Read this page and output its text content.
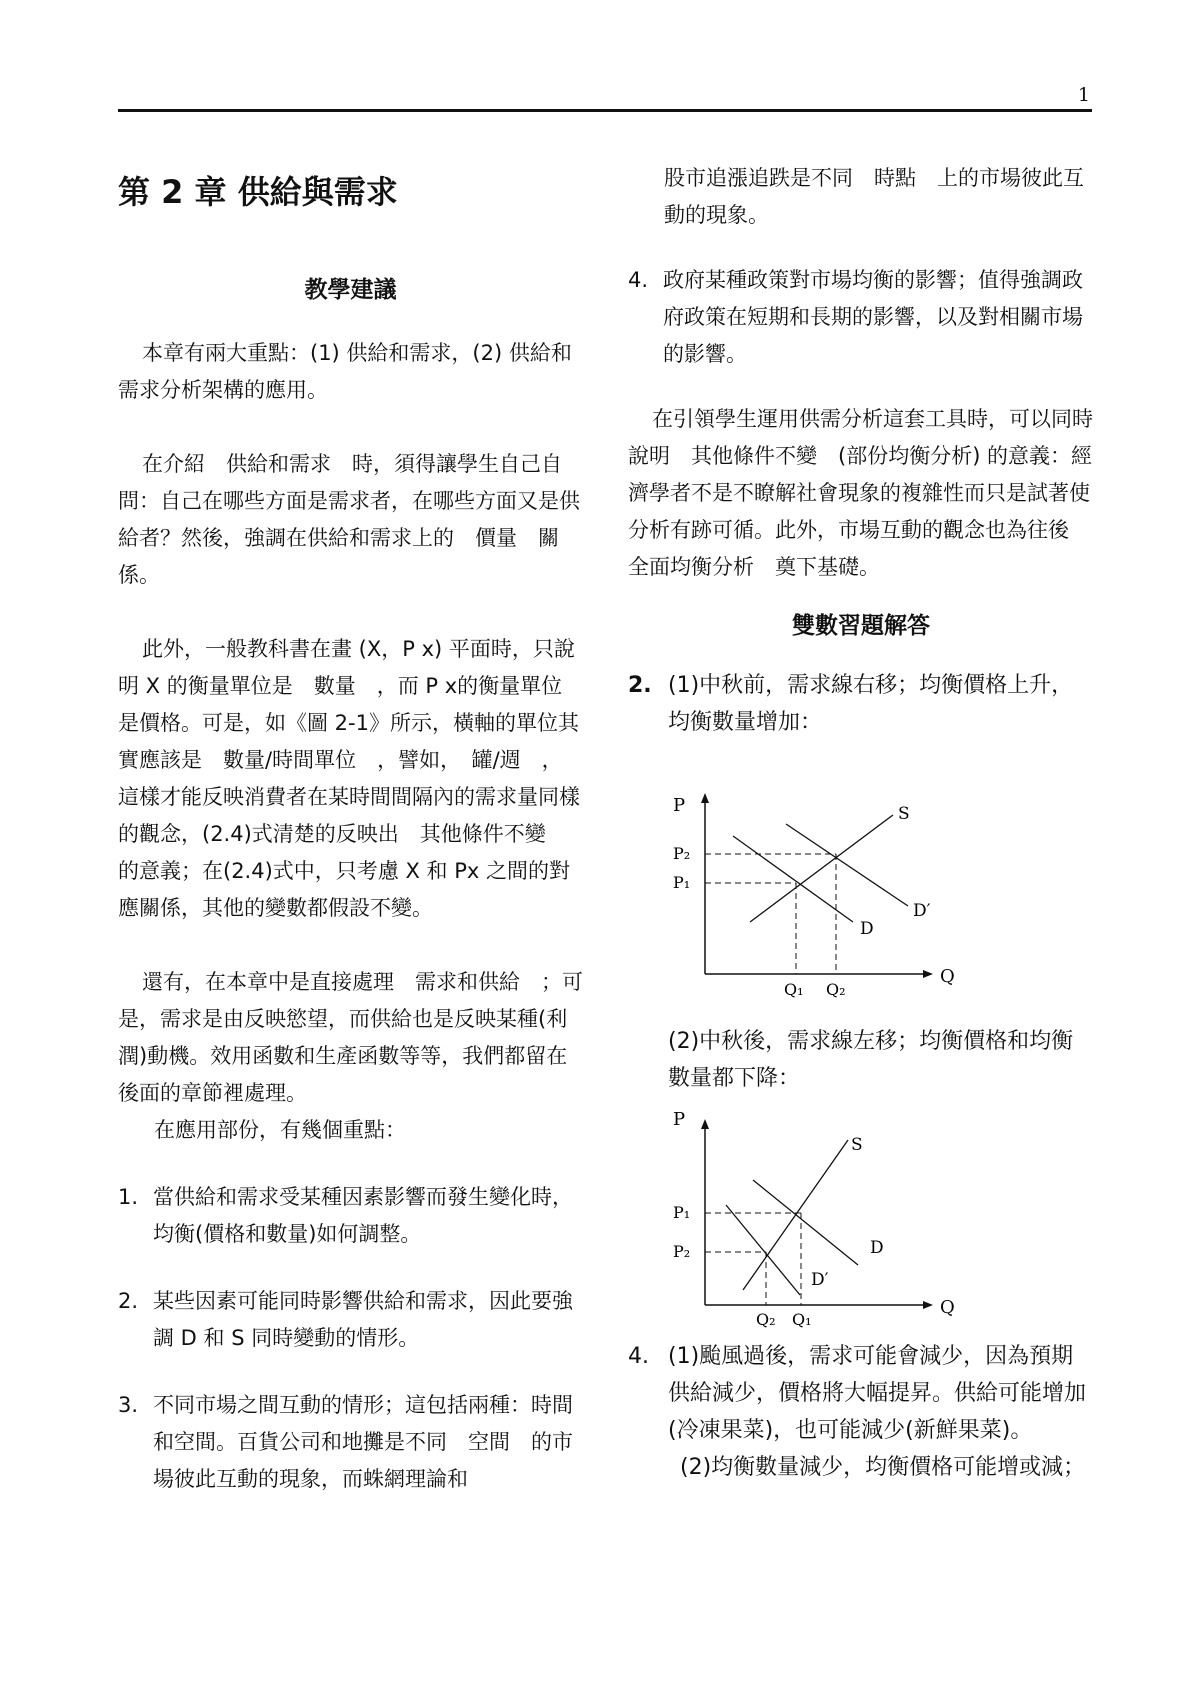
1
第 2 章 供給與需求
教學建議

本章有兩大重點：(1) 供給和需求，(2) 供給和需求分析架構的應用。

在介紹　供給和需求　時，須得讓學生自己自問：自己在哪些方面是需求者，在哪些方面又是供給者？然後，強調在供給和需求上的　價量　關係。

此外，一般教科書在畫 (X，P x) 平面時，只說明 X 的衡量單位是　數量　，而 P x的衡量單位是價格。可是，如《圖 2-1》所示，橫軸的單位其實應該是　數量/時間單位　，譬如，　罐/週　，

這樣才能反映消費者在某時間間隔內的需求量同樣的觀念，(2.4)式清楚的反映出　其他條件不變　的意義；在(2.4)式中，只考慮 X 和 Px 之間的對應關係，其他的變數都假設不變。

還有，在本章中是直接處理　需求和供給　；可是，需求是由反映慾望，而供給也是反映某種(利潤)動機。效用函數和生產函數等等，我們都留在後面的章節裡處理。

在應用部份，有幾個重點：

1. 當供給和需求受某種因素影響而發生變化時，均衡(價格和數量)如何調整。
2. 某些因素可能同時影響供給和需求，因此要強調 D 和 S 同時變動的情形。
3. 不同市場之間互動的情形；這包括兩種：時間和空間。百貨公司和地攤是不同　空間　的市場彼此互動的現象，而蛛網理論和

股市追漲追跌是不同　時點　上的市場彼此互動的現象。

4. 政府某種政策對市場均衡的影響；值得強調政府政策在短期和長期的影響，以及對相關市場的影響。

在引領學生運用供需分析這套工具時，可以同時說明　其他條件不變　(部份均衡分析) 的意義：經濟學者不是不瞭解社會現象的複雜性而只是試著使分析有跡可循。此外，市場互動的觀念也為往後　全面均衡分析　奠下基礎。

雙數習題解答
2. (1)中秋前，需求線右移；均衡價格上升，均衡數量增加：
P
Q
S
D
D′
P₂
P₁
Q₁ Q₂

(2)中秋後，需求線左移；均衡價格和均衡數量都下降：

P
Q
S
D
D′
P₁
P₂
Q₂ Q₁
4. (1)颱風過後，需求可能會減少，因為預期供給減少，價格將大幅提昇。供給可能增加(冷凍果菜)，也可能減少(新鮮果菜)。

(2)均衡數量減少，均衡價格可能增或減；
